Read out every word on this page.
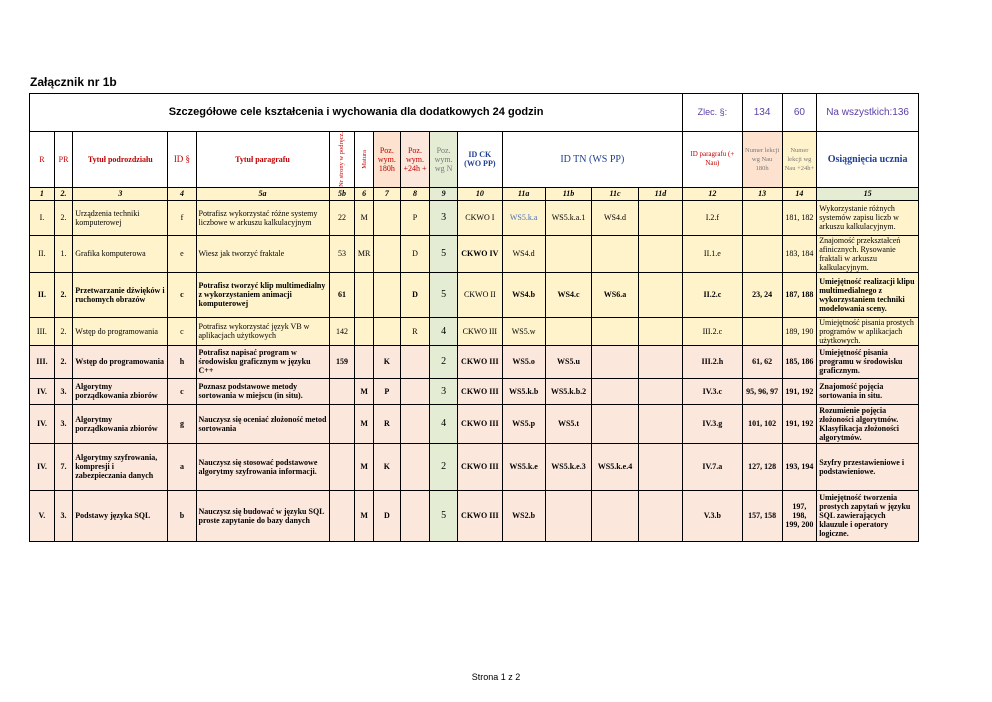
Załącznik nr 1b
Szczegółowe cele kształcenia i wychowania dla dodatkowych 24 godzin															Zlec. §:	134	60	Na wszystkich:136
R	PR	Tytuł podrozdziału	ID §	Tytuł paragrafu	Nr strony w podręcz.	Matura	Poz. wym. 180h	Poz. wym. +24h +	Poz. wym. wg N	ID CK (WO PP)	ID TN (WS PP)				ID paragrafu (+ Nau)	Numer lekcji wg Nau 180h	Numer lekcji wg Nau +24h+	Osiągnięcia ucznia
1	2.	3	4	5a	5b	6	7	8	9	10	11a	11b	11c	11d	12	13	14	15
I.	2.	Urządzenia techniki komputerowej	f	Potrafisz wykorzystać różne systemy liczbowe w arkuszu kalkulacyjnym	22	M		P	3	CKWO I	WS5.k.a	WS5.k.a.1	WS4.d		I.2.f		181, 182	Wykorzystanie różnych systemów zapisu liczb w arkuszu kalkulacyjnym.
II.	1.	Grafika komputerowa	e	Wiesz jak tworzyć fraktale	53	MR		D	5	CKWO IV	WS4.d				II.1.e		183, 184	Znajomość przekształceń afinicznych. Rysowanie fraktali w arkuszu kalkulacyjnym.
II.	2.	Przetwarzanie dźwięków i ruchomych obrazów	c	Potrafisz tworzyć klip multimedialny z wykorzystaniem animacji komputerowej	61			D	5	CKWO II	WS4.b	WS4.c	WS6.a		II.2.c	23, 24	187, 188	Umiejętność realizacji klipu multimedialnego z wykorzystaniem techniki modelowania sceny.
III.	2.	Wstęp do programowania	c	Potrafisz wykorzystać język VB w aplikacjach użytkowych	142			R	4	CKWO III	WS5.w				III.2.c		189, 190	Umiejętność pisania prostych programów w aplikacjach użytkowych.
III.	2.	Wstęp do programowania	h	Potrafisz napisać program w środowisku graficznym w języku C++	159		K		2	CKWO III	WS5.o	WS5.u			III.2.h	61, 62	185, 186	Umiejętność pisania programu w środowisku graficznym.
IV.	3.	Algorytmy porządkowania zbiorów	c	Poznasz podstawowe metody sortowania w miejscu (in situ).		M	P		3	CKWO III	WS5.k.b	WS5.k.b.2			IV.3.c	95, 96, 97	191, 192	Znajomość pojęcia sortowania in situ.
IV.	3.	Algorytmy porządkowania zbiorów	g	Nauczysz się oceniać złożoność metod sortowania		M	R		4	CKWO III	WS5.p	WS5.t			IV.3.g	101, 102	191, 192	Rozumienie pojęcia złożoności algorytmów. Klasyfikacja złożoności algorytmów.
IV.	7.	Algorytmy szyfrowania, kompresji i zabezpieczania danych	a	Nauczysz się stosować podstawowe algorytmy szyfrowania informacji.		M	K		2	CKWO III	WS5.k.e	WS5.k.e.3	WS5.k.e.4		IV.7.a	127, 128	193, 194	Szyfry przestawieniowe i podstawieniowe.
V.	3.	Podstawy języka SQL	b	Nauczysz się budować w języku SQL proste zapytanie do bazy danych		M	D		5	CKWO III	WS2.b				V.3.b	157, 158	197, 198, 199, 200	Umiejętność tworzenia prostych zapytań w języku SQL zawierających klauzule i operatory logiczne.
Strona 1 z 2
